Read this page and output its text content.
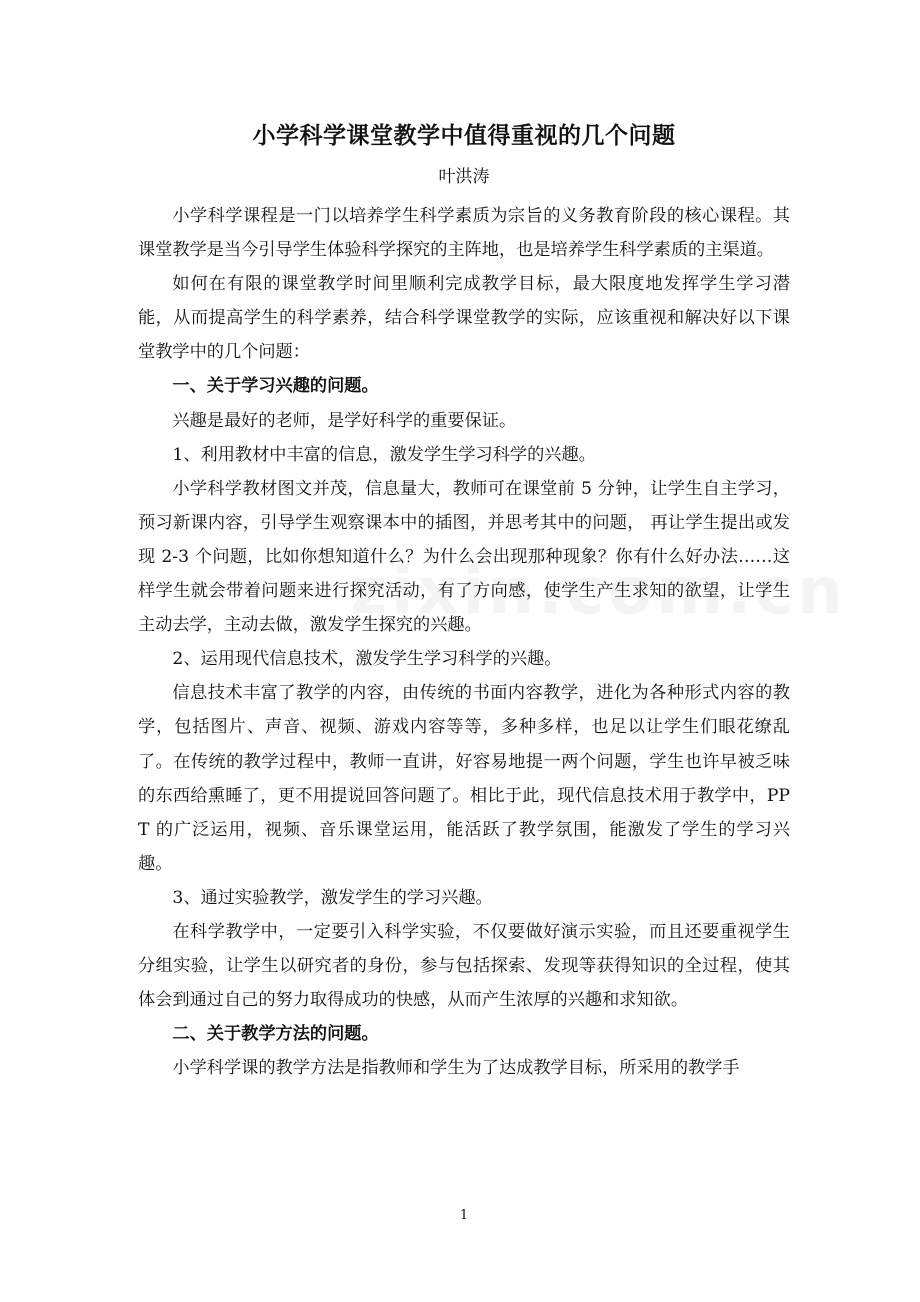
小学科学课堂教学中值得重视的几个问题
叶洪涛

小学科学课程是一门以培养学生科学素质为宗旨的义务教育阶段的核心课程。其课堂教学是当今引导学生体验科学探究的主阵地，也是培养学生科学素质的主渠道。

如何在有限的课堂教学时间里顺利完成教学目标，最大限度地发挥学生学习潜能，从而提高学生的科学素养，结合科学课堂教学的实际，应该重视和解决好以下课堂教学中的几个问题：

一、关于学习兴趣的问题。

兴趣是最好的老师，是学好科学的重要保证。

1、利用教材中丰富的信息，激发学生学习科学的兴趣。

小学科学教材图文并茂，信息量大，教师可在课堂前 5 分钟，让学生自主学习，预习新课内容，引导学生观察课本中的插图，并思考其中的问题， 再让学生提出或发现 2-3 个问题，比如你想知道什么？为什么会出现那种现象？你有什么好办法……这样学生就会带着问题来进行探究活动，有了方向感，使学生产生求知的欲望，让学生主动去学，主动去做，激发学生探究的兴趣。

2、运用现代信息技术，激发学生学习科学的兴趣。

信息技术丰富了教学的内容，由传统的书面内容教学，进化为各种形式内容的教学，包括图片、声音、视频、游戏内容等等，多种多样，也足以让学生们眼花缭乱了。在传统的教学过程中，教师一直讲，好容易地提一两个问题，学生也许早被乏味的东西给熏睡了，更不用提说回答问题了。相比于此，现代信息技术用于教学中，PPT 的广泛运用，视频、音乐课堂运用，能活跃了教学氛围，能激发了学生的学习兴趣。

3、通过实验教学，激发学生的学习兴趣。

在科学教学中，一定要引入科学实验，不仅要做好演示实验，而且还要重视学生分组实验，让学生以研究者的身份，参与包括探索、发现等获得知识的全过程，使其体会到通过自己的努力取得成功的快感，从而产生浓厚的兴趣和求知欲。

二、关于教学方法的问题。

小学科学课的教学方法是指教师和学生为了达成教学目标，所采用的教学手

1
